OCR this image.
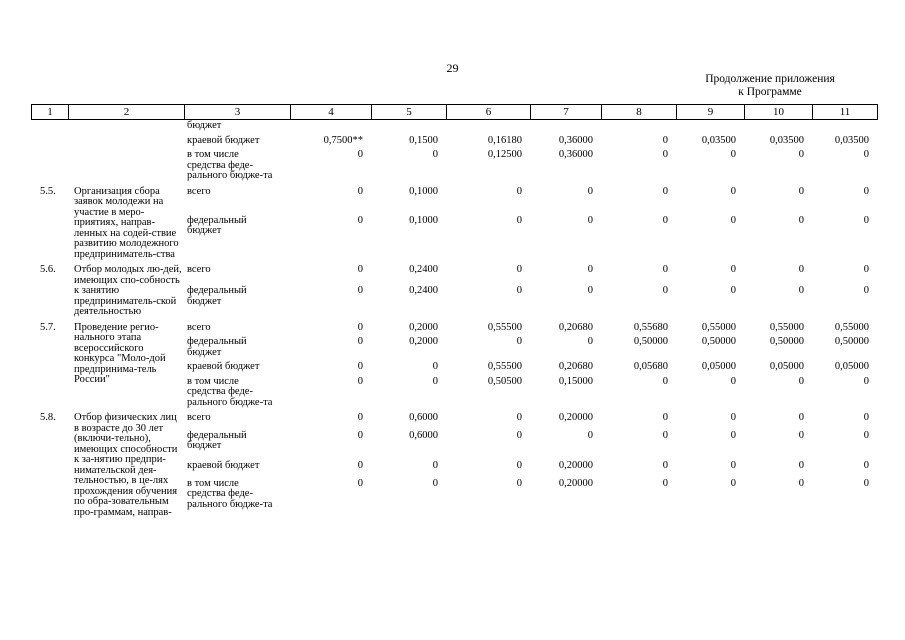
29
Продолжение приложения
к Программе
1	2	3	4	5	6	7	8	9	10	11

		бюджет								

		краевой бюджет	0,7500**	0,1500	0,16180	0,36000	0	0,03500	0,03500	0,03500

		в том числе средства феде-рального бюдже-та	0	0	0,12500	0,36000	0	0	0	0
5.5.	Организация сбора заявок молодежи на участие в меро-приятиях, направ-ленных на содей-ствие развитию молодежного предприниматель-ства	всего	0	0,1000	0	0	0	0	0	0

		федеральный бюджет	0	0,1000	0	0	0	0	0	0
5.6.	Отбор молодых лю-дей, имеющих спо-собность к занятию предприниматель-ской деятельностью	всего	0	0,2400	0	0	0	0	0	0

		федеральный бюджет	0	0,2400	0	0	0	0	0	0
5.7.	Проведение регио-нального этапа всероссийского конкурса "Моло-дой предпринима-тель России"	всего	0	0,2000	0,55500	0,20680	0,55680	0,55000	0,55000	0,55000

		федеральный бюджет	0	0,2000	0	0	0,50000	0,50000	0,50000	0,50000

		краевой бюджет	0	0	0,55500	0,20680	0,05680	0,05000	0,05000	0,05000

		в том числе средства феде-рального бюдже-та	0	0	0,50500	0,15000	0	0	0	0
5.8.	Отбор физических лиц в возрасте до 30 лет (включи-тельно), имеющих способности к за-нятию предпри-нимательской дея-тельностью, в це-лях прохождения обучения по обра-зовательным про-граммам, направ-	всего	0	0,6000	0	0,20000	0	0	0	0

		федеральный бюджет	0	0,6000	0	0	0	0	0	0

		краевой бюджет	0	0	0	0,20000	0	0	0	0

		в том числе средства феде-рального бюдже-та	0	0	0	0,20000	0	0	0	0
